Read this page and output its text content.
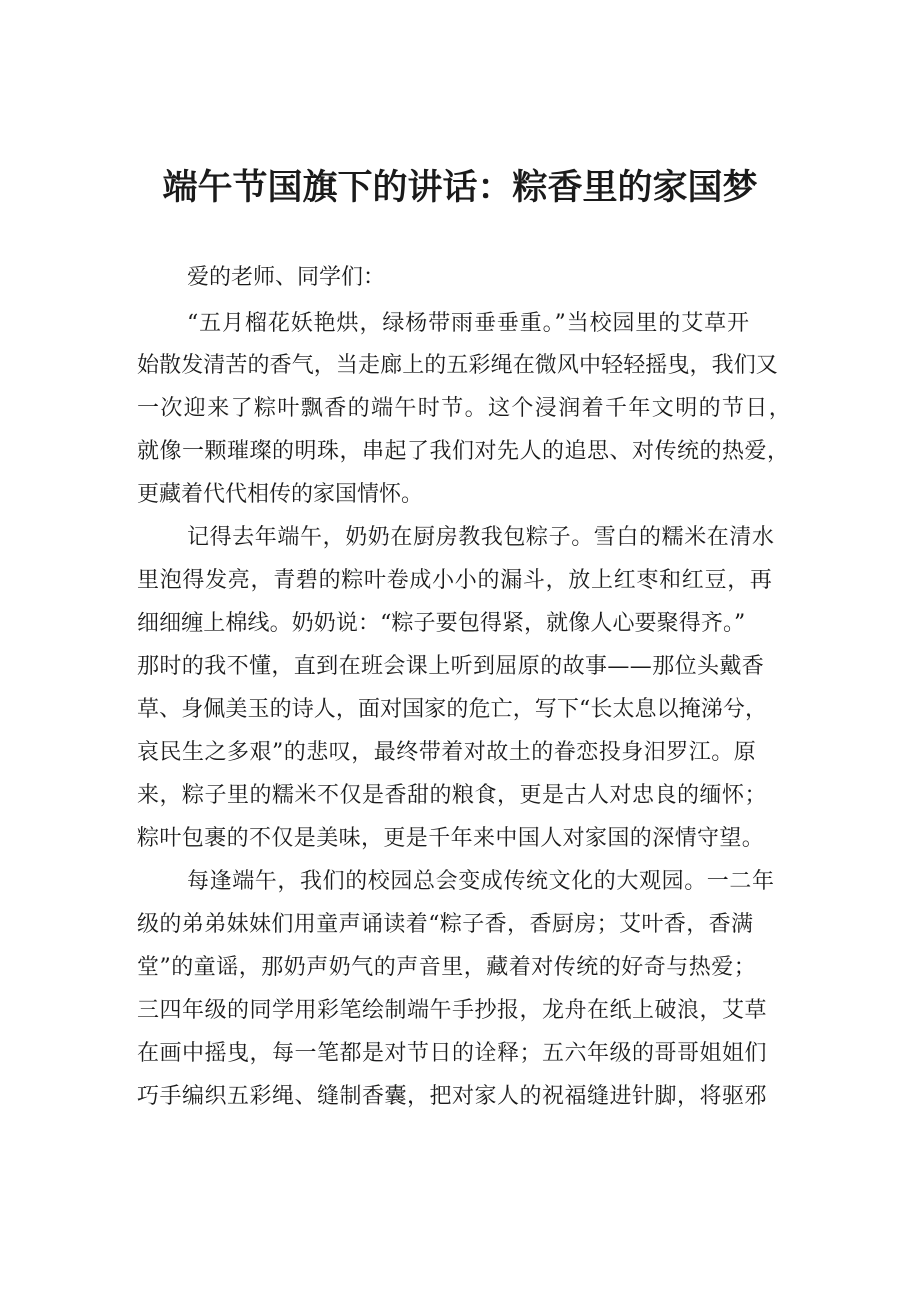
端午节国旗下的讲话：粽香里的家国梦
爱的老师、同学们：
“五月榴花妖艳烘，绿杨带雨垂垂重。”当校园里的艾草开
始散发清苦的香气，当走廊上的五彩绳在微风中轻轻摇曳，我们又
一次迎来了粽叶飘香的端午时节。这个浸润着千年文明的节日，
就像一颗璀璨的明珠，串起了我们对先人的追思、对传统的热爱，
更藏着代代相传的家国情怀。
记得去年端午，奶奶在厨房教我包粽子。雪白的糯米在清水
里泡得发亮，青碧的粽叶卷成小小的漏斗，放上红枣和红豆，再
细细缠上棉线。奶奶说：“粽子要包得紧，就像人心要聚得齐。”
那时的我不懂，直到在班会课上听到屈原的故事——那位头戴香
草、身佩美玉的诗人，面对国家的危亡，写下“长太息以掩涕兮，
哀民生之多艰”的悲叹，最终带着对故土的眷恋投身汨罗江。原
来，粽子里的糯米不仅是香甜的粮食，更是古人对忠良的缅怀；
粽叶包裹的不仅是美味，更是千年来中国人对家国的深情守望。
每逢端午，我们的校园总会变成传统文化的大观园。一二年
级的弟弟妹妹们用童声诵读着“粽子香，香厨房；艾叶香，香满
堂”的童谣，那奶声奶气的声音里，藏着对传统的好奇与热爱；
三四年级的同学用彩笔绘制端午手抄报，龙舟在纸上破浪，艾草
在画中摇曳，每一笔都是对节日的诠释；五六年级的哥哥姐姐们
巧手编织五彩绳、缝制香囊，把对家人的祝福缝进针脚，将驱邪
